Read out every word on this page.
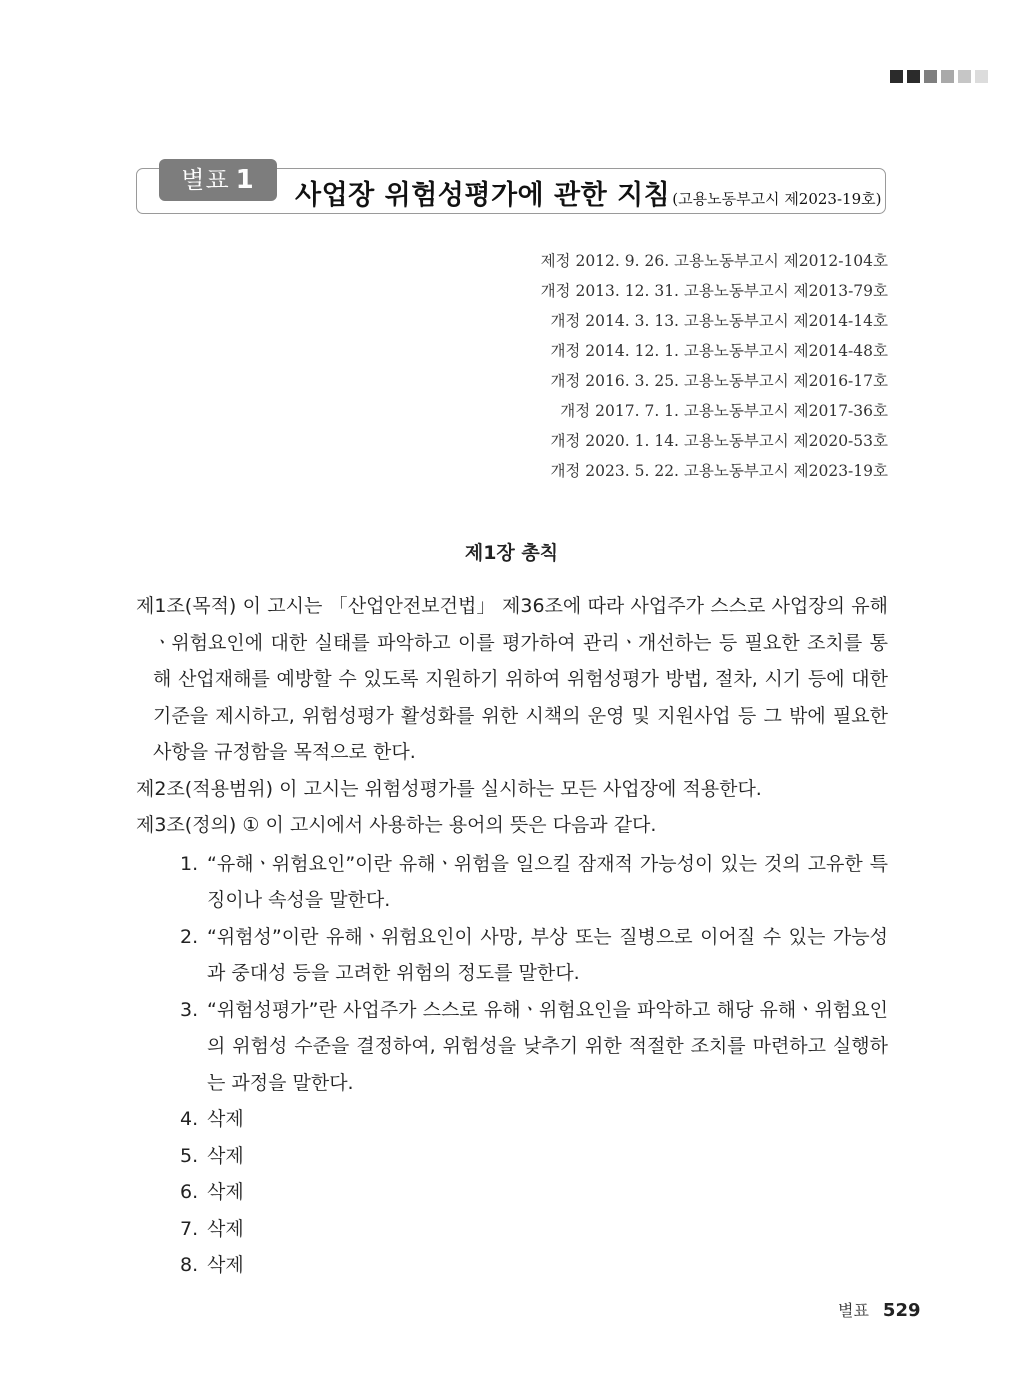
별표 1	사업장 위험성평가에 관한 지침 (고용노동부고시 제2023-19호)
제정 2012. 9. 26. 고용노동부고시 제2012-104호
개정 2013. 12. 31. 고용노동부고시 제2013-79호
개정 2014. 3. 13. 고용노동부고시 제2014-14호
개정 2014. 12. 1. 고용노동부고시 제2014-48호
개정 2016. 3. 25. 고용노동부고시 제2016-17호
개정 2017. 7. 1. 고용노동부고시 제2017-36호
개정 2020. 1. 14. 고용노동부고시 제2020-53호
개정 2023. 5. 22. 고용노동부고시 제2023-19호
제1장 총칙
제1조(목적) 이 고시는 「산업안전보건법」 제36조에 따라 사업주가 스스로 사업장의 유해ㆍ위험요인에 대한 실태를 파악하고 이를 평가하여 관리ㆍ개선하는 등 필요한 조치를 통해 산업재해를 예방할 수 있도록 지원하기 위하여 위험성평가 방법, 절차, 시기 등에 대한 기준을 제시하고, 위험성평가 활성화를 위한 시책의 운영 및 지원사업 등 그 밖에 필요한 사항을 규정함을 목적으로 한다.
제2조(적용범위) 이 고시는 위험성평가를 실시하는 모든 사업장에 적용한다.
제3조(정의) ① 이 고시에서 사용하는 용어의 뜻은 다음과 같다.
1. “유해ㆍ위험요인”이란 유해ㆍ위험을 일으킬 잠재적 가능성이 있는 것의 고유한 특징이나 속성을 말한다.
2. “위험성”이란 유해ㆍ위험요인이 사망, 부상 또는 질병으로 이어질 수 있는 가능성과 중대성 등을 고려한 위험의 정도를 말한다.
3. “위험성평가”란 사업주가 스스로 유해ㆍ위험요인을 파악하고 해당 유해ㆍ위험요인의 위험성 수준을 결정하여, 위험성을 낮추기 위한 적절한 조치를 마련하고 실행하는 과정을 말한다.
4. 삭제
5. 삭제
6. 삭제
7. 삭제
8. 삭제
별표 529
